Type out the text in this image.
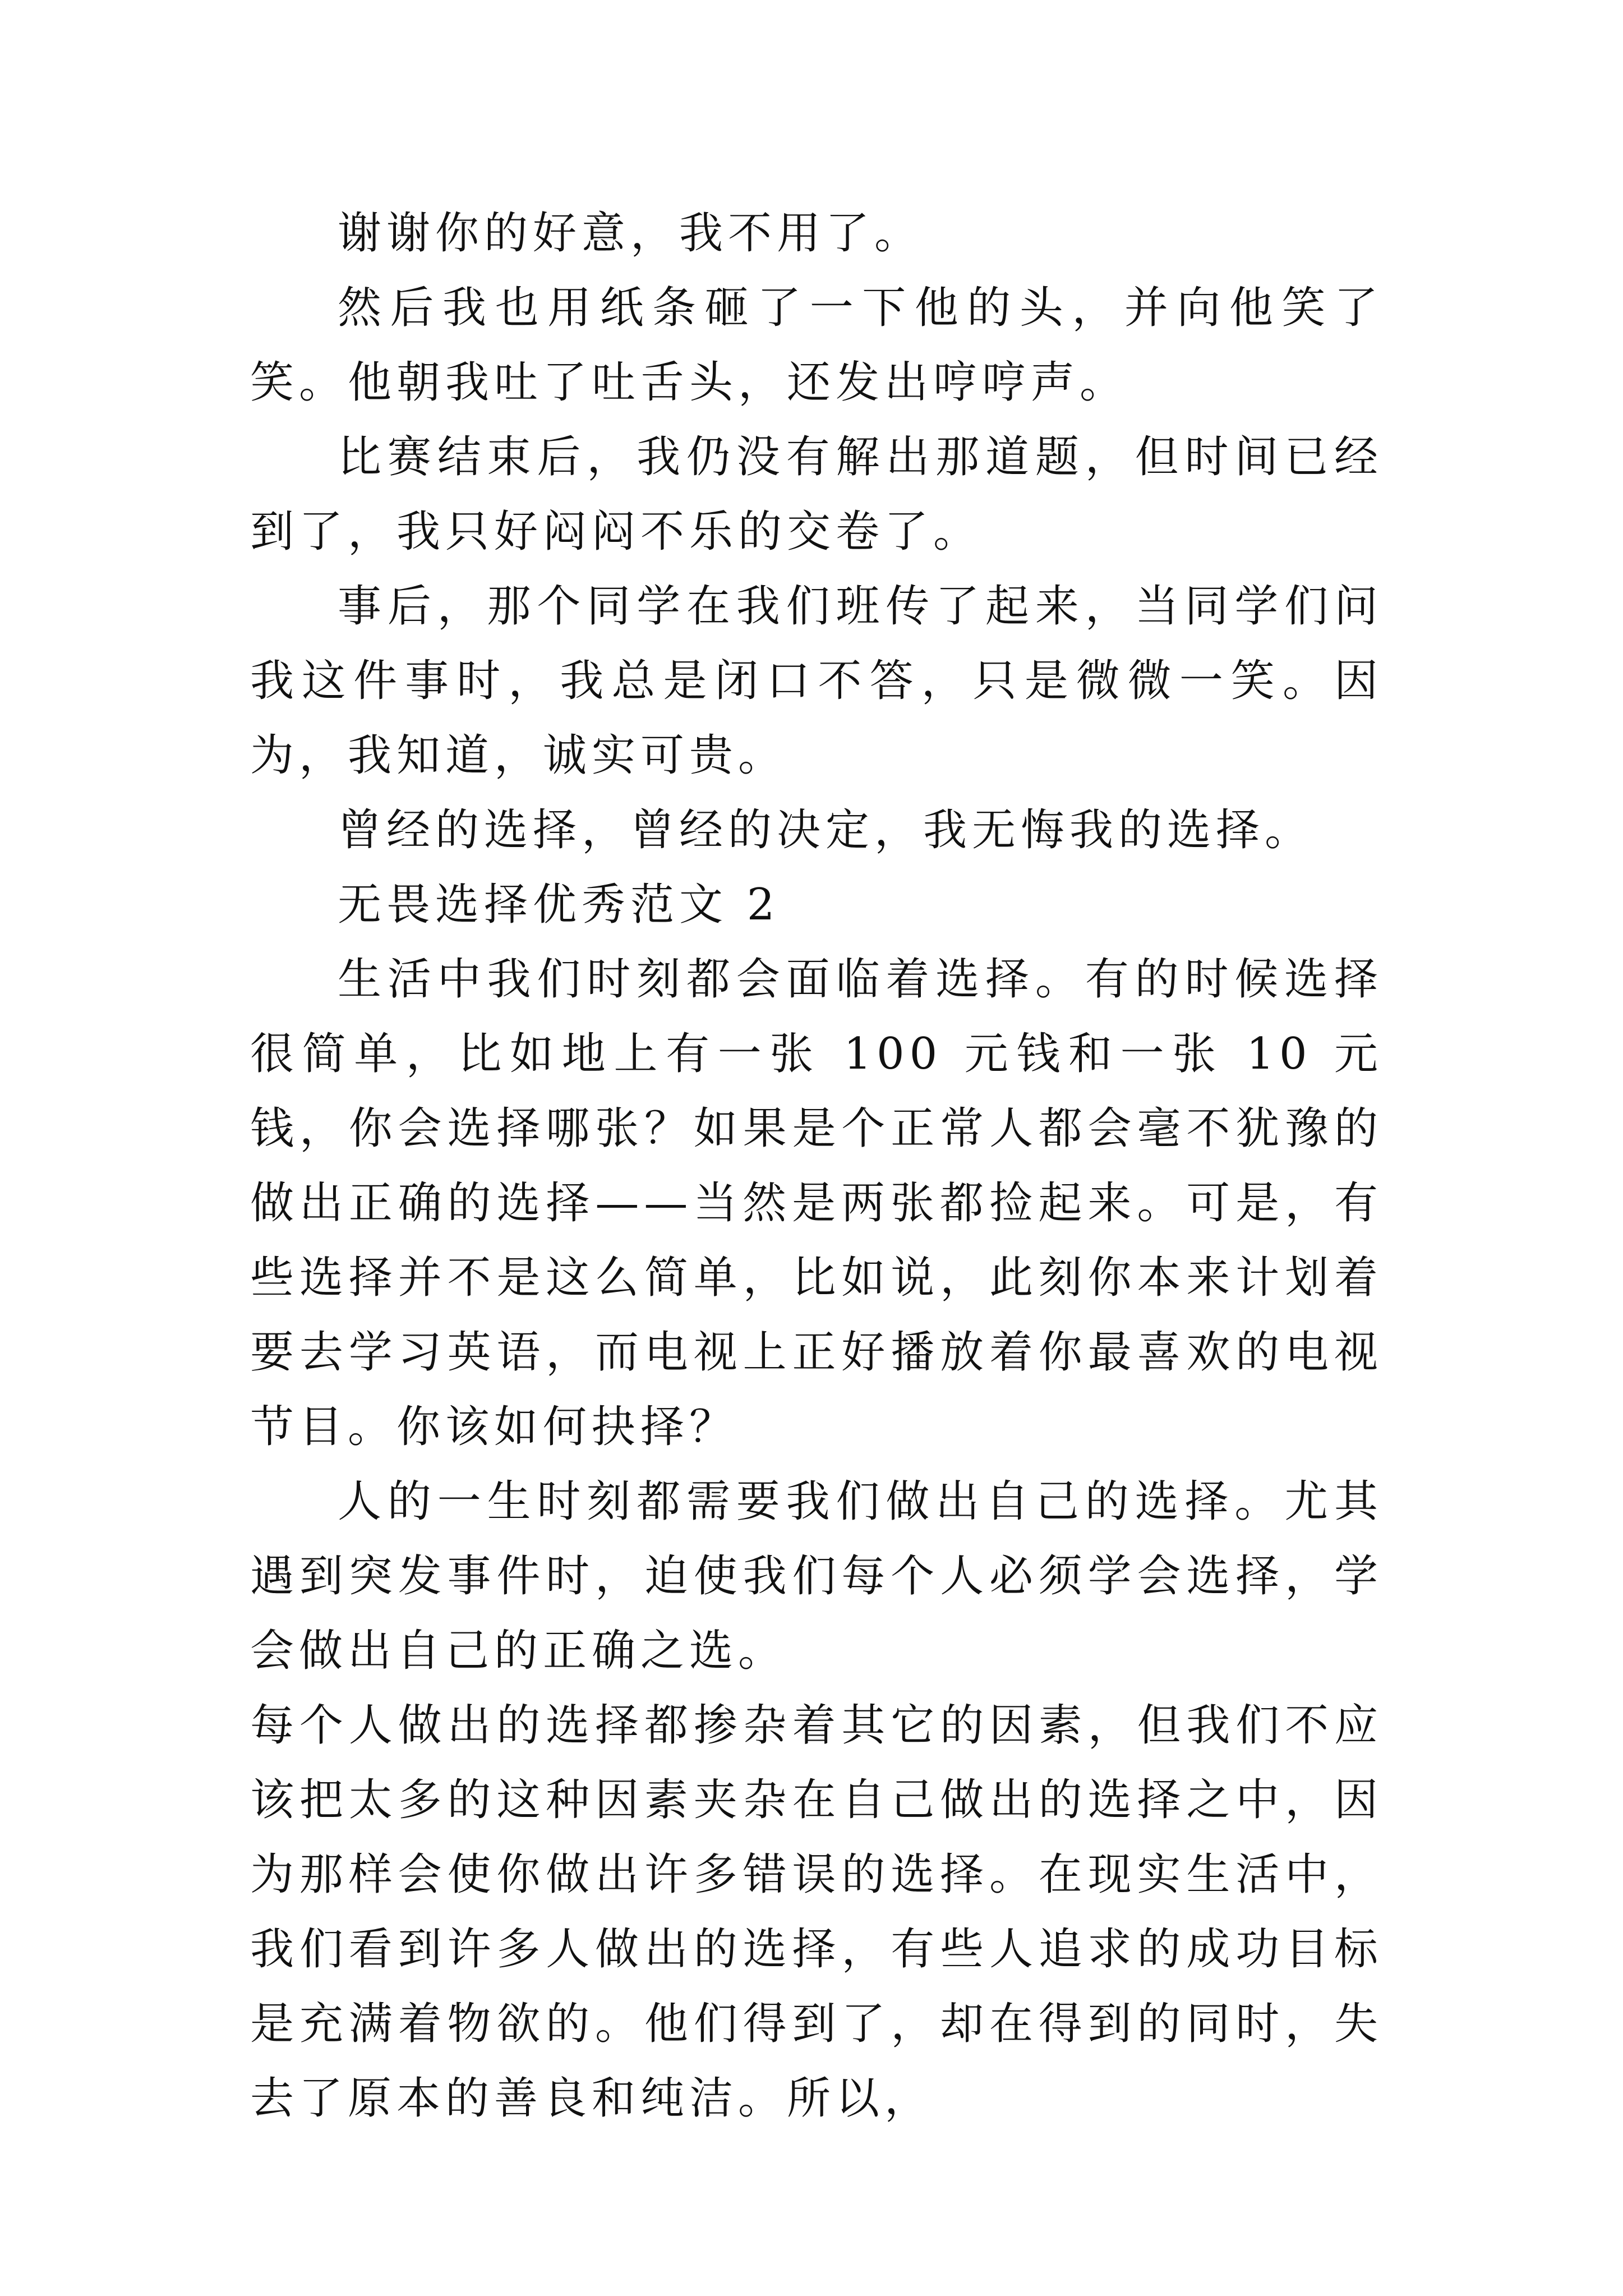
谢谢你的好意，我不用了。
然后我也用纸条砸了一下他的头，并向他笑了笑。他朝我吐了吐舌头，还发出哼哼声。
比赛结束后，我仍没有解出那道题，但时间已经到了，我只好闷闷不乐的交卷了。
事后，那个同学在我们班传了起来，当同学们问我这件事时，我总是闭口不答，只是微微一笑。因为，我知道，诚实可贵。
曾经的选择，曾经的决定，我无悔我的选择。
无畏选择优秀范文 2
生活中我们时刻都会面临着选择。有的时候选择很简单，比如地上有一张 100 元钱和一张 10 元钱，你会选择哪张？如果是个正常人都会毫不犹豫的做出正确的选择——当然是两张都捡起来。可是，有些选择并不是这么简单，比如说，此刻你本来计划着要去学习英语，而电视上正好播放着你最喜欢的电视节目。你该如何抉择？
人的一生时刻都需要我们做出自己的选择。尤其遇到突发事件时，迫使我们每个人必须学会选择，学会做出自己的正确之选。
每个人做出的选择都掺杂着其它的因素，但我们不应该把太多的这种因素夹杂在自己做出的选择之中，因为那样会使你做出许多错误的选择。在现实生活中，我们看到许多人做出的选择，有些人追求的成功目标是充满着物欲的。他们得到了，却在得到的同时，失去了原本的善良和纯洁。所以，
